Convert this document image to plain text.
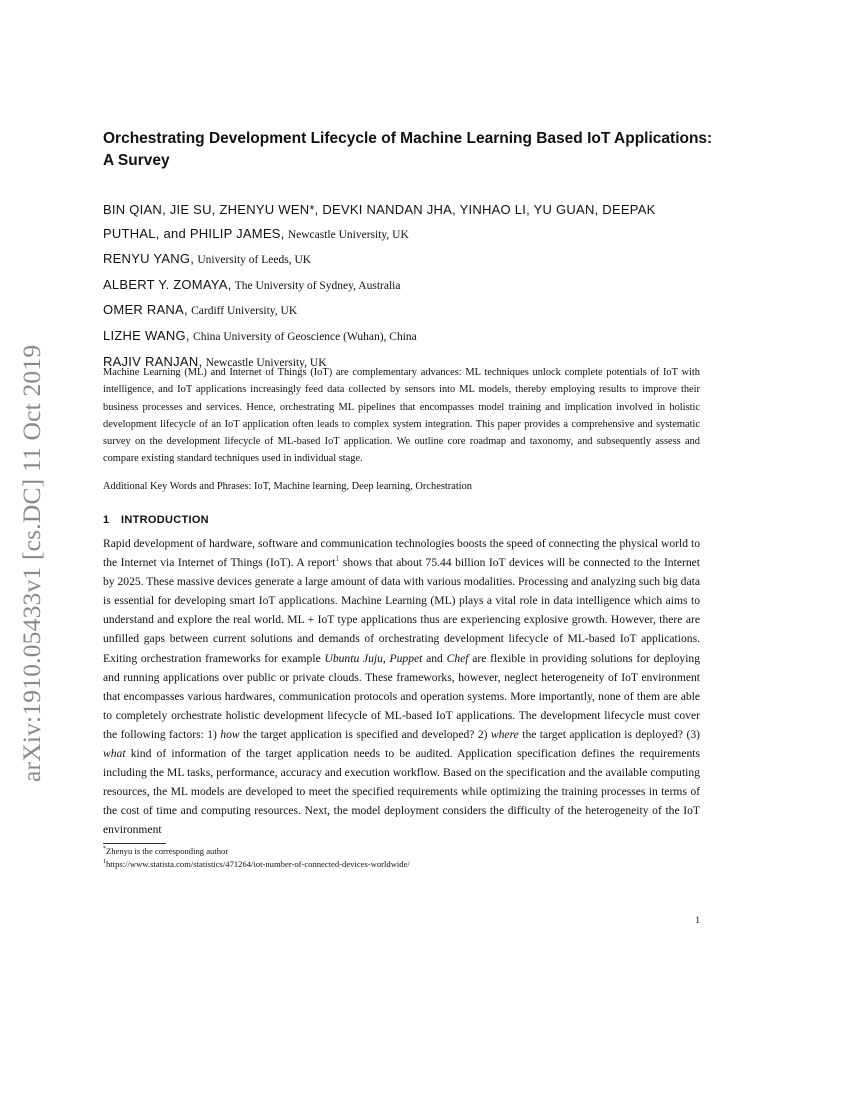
arXiv:1910.05433v1 [cs.DC] 11 Oct 2019
Orchestrating Development Lifecycle of Machine Learning Based IoT Applications: A Survey
BIN QIAN, JIE SU, ZHENYU WEN*, DEVKI NANDAN JHA, YINHAO LI, YU GUAN, DEEPAK
PUTHAL, and PHILIP JAMES, Newcastle University, UK
RENYU YANG, University of Leeds, UK
ALBERT Y. ZOMAYA, The University of Sydney, Australia
OMER RANA, Cardiff University, UK
LIZHE WANG, China University of Geoscience (Wuhan), China
RAJIV RANJAN, Newcastle University, UK

Machine Learning (ML) and Internet of Things (IoT) are complementary advances: ML techniques unlock complete potentials of IoT with intelligence, and IoT applications increasingly feed data collected by sensors into ML models, thereby employing results to improve their business processes and services. Hence, orchestrating ML pipelines that encompasses model training and implication involved in holistic development lifecycle of an IoT application often leads to complex system integration. This paper provides a comprehensive and systematic survey on the development lifecycle of ML-based IoT application. We outline core roadmap and taxonomy, and subsequently assess and compare existing standard techniques used in individual stage.

Additional Key Words and Phrases: IoT, Machine learning, Deep learning, Orchestration

1 INTRODUCTION

Rapid development of hardware, software and communication technologies boosts the speed of connecting the physical world to the Internet via Internet of Things (IoT). A report$^1$ shows that about 75.44 billion IoT devices will be connected to the Internet by 2025. These massive devices generate a large amount of data with various modalities. Processing and analyzing such big data is essential for developing smart IoT applications. Machine Learning (ML) plays a vital role in data intelligence which aims to understand and explore the real world. ML + IoT type applications thus are experiencing explosive growth. However, there are unfilled gaps between current solutions and demands of orchestrating development lifecycle of ML-based IoT applications. Exiting orchestration frameworks for example Ubuntu Juju, Puppet and Chef are flexible in providing solutions for deploying and running applications over public or private clouds. These frameworks, however, neglect heterogeneity of IoT environment that encompasses various hardwares, communication protocols and operation systems. More importantly, none of them are able to completely orchestrate holistic development lifecycle of ML-based IoT applications. The development lifecycle must cover the following factors: 1) how the target application is specified and developed? 2) where the target application is deployed? (3) what kind of information of the target application needs to be audited. Application specification defines the requirements including the ML tasks, performance, accuracy and execution workflow. Based on the specification and the available computing resources, the ML models are developed to meet the specified requirements while optimizing the training processes in terms of the cost of time and computing resources. Next, the model deployment considers the difficulty of the heterogeneity of the IoT environment

*Zhenyu is the corresponding author
$^1$https://www.statista.com/statistics/471264/iot-number-of-connected-devices-worldwide/
1
